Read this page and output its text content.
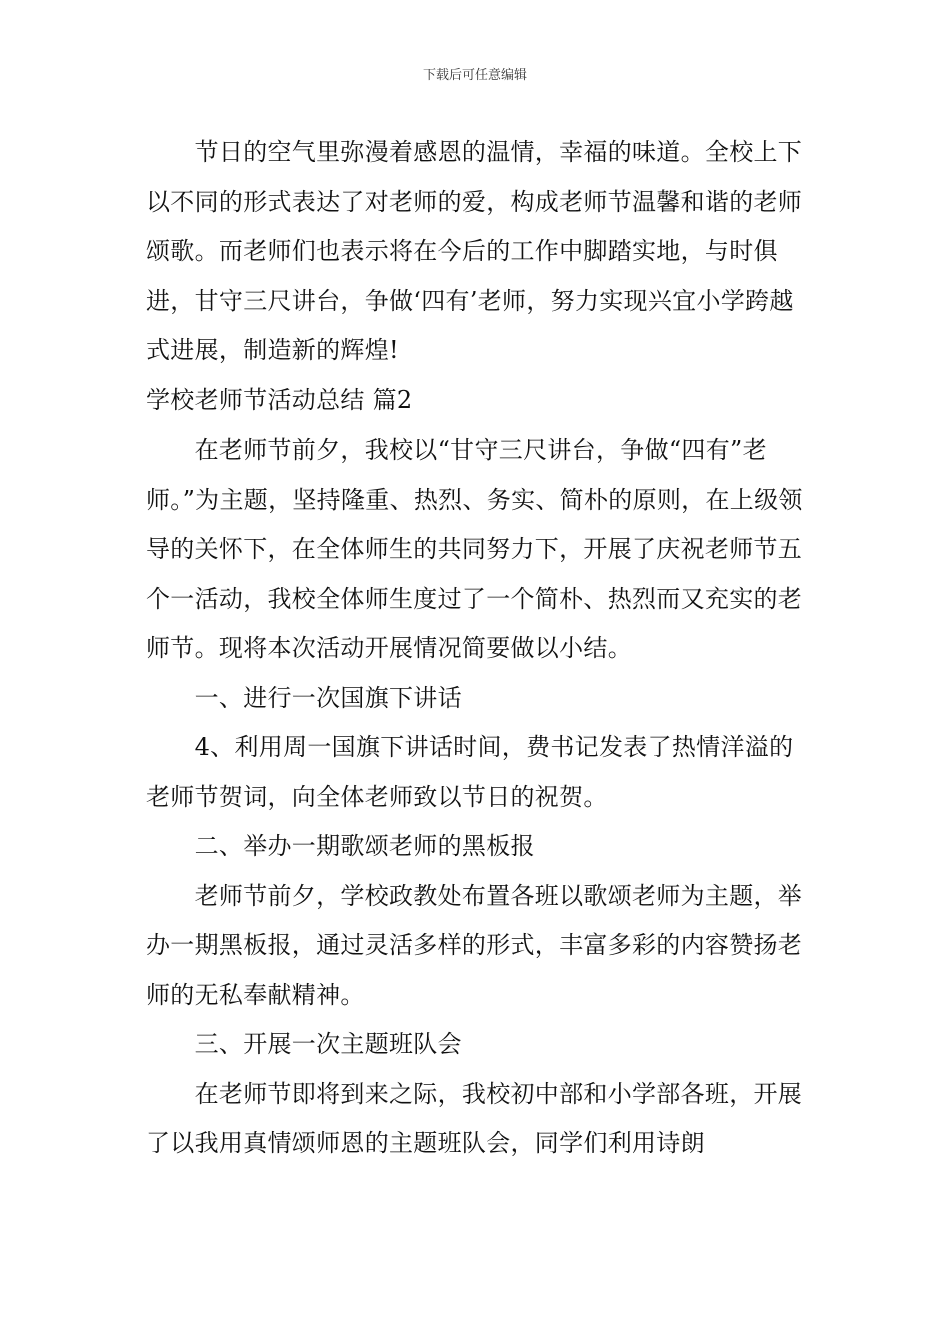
下载后可任意编辑

　　节日的空气里弥漫着感恩的温情，幸福的味道。全校上下以不同的形式表达了对老师的爱，构成老师节温馨和谐的老师颂歌。而老师们也表示将在今后的工作中脚踏实地，与时俱进，甘守三尺讲台，争做‘四有’老师，努力实现兴宜小学跨越式进展，制造新的辉煌!

学校老师节活动总结 篇2

　　在老师节前夕，我校以“甘守三尺讲台，争做“四有”老师。”为主题，坚持隆重、热烈、务实、简朴的原则，在上级领导的关怀下，在全体师生的共同努力下，开展了庆祝老师节五个一活动，我校全体师生度过了一个简朴、热烈而又充实的老师节。现将本次活动开展情况简要做以小结。

　　一、进行一次国旗下讲话

　　4、利用周一国旗下讲话时间，费书记发表了热情洋溢的老师节贺词，向全体老师致以节日的祝贺。

　　二、举办一期歌颂老师的黑板报

　　老师节前夕，学校政教处布置各班以歌颂老师为主题，举办一期黑板报，通过灵活多样的形式，丰富多彩的内容赞扬老师的无私奉献精神。

　　三、开展一次主题班队会

　　在老师节即将到来之际，我校初中部和小学部各班，开展了以我用真情颂师恩的主题班队会，同学们利用诗朗
